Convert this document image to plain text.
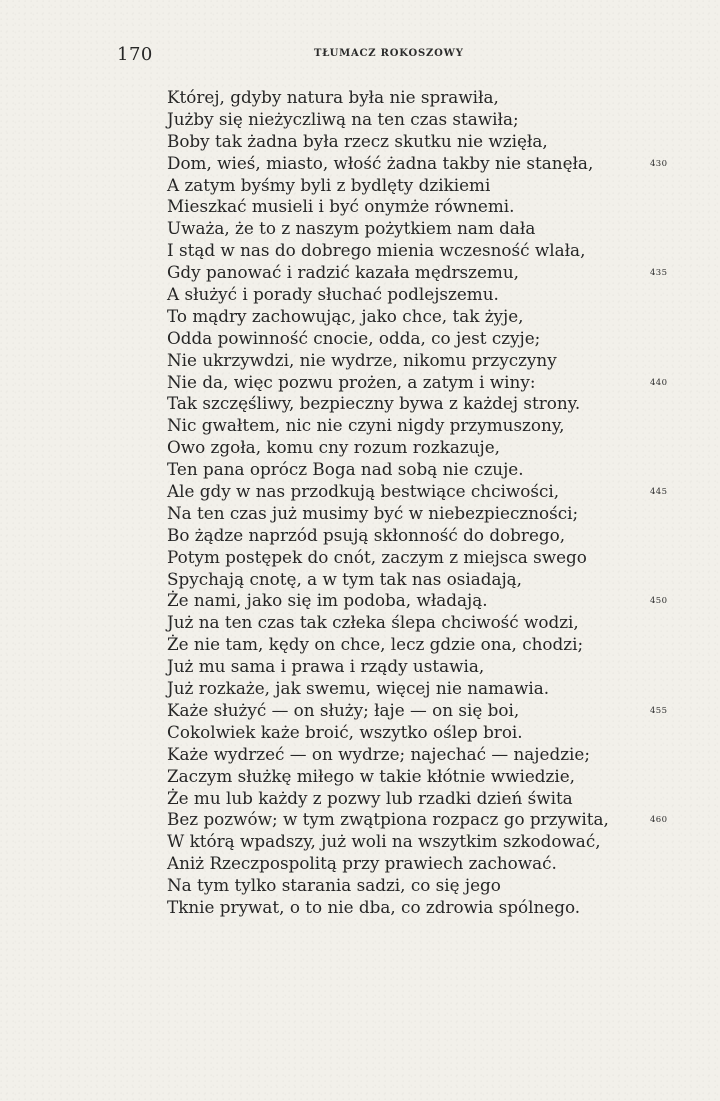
170	TŁUMACZ ROKOSZOWY
Której, gdyby natura była nie sprawiła,
Jużby się nieżyczliwą na ten czas stawiła;
Boby tak żadna była rzecz skutku nie wzięła,
Dom, wieś, miasto, włość żadna takby nie stanęła,	430
A zatym byśmy byli z bydlęty dzikiemi
Mieszkać musieli i być onymże równemi.
Uważa, że to z naszym pożytkiem nam dała
I stąd w nas do dobrego mienia wczesność wlała,
Gdy panować i radzić kazała mędrszemu,	435
A służyć i porady słuchać podlejszemu.
To mądry zachowując, jako chce, tak żyje,
Odda powinność cnocie, odda, co jest czyje;
Nie ukrzywdzi, nie wydrze, nikomu przyczyny
Nie da, więc pozwu prożen, a zatym i winy:	440
Tak szczęśliwy, bezpieczny bywa z każdej strony.
Nic gwałtem, nic nie czyni nigdy przymuszony,
Owo zgoła, komu cny rozum rozkazuje,
Ten pana oprócz Boga nad sobą nie czuje.
Ale gdy w nas przodkują bestwiące chciwości,	445
Na ten czas już musimy być w niebezpieczności;
Bo żądze naprzód psują skłonność do dobrego,
Potym postępek do cnót, zaczym z miejsca swego
Spychają cnotę, a w tym tak nas osiadają,
Że nami, jako się im podoba, władają.	450
Już na ten czas tak człeka ślepa chciwość wodzi,
Że nie tam, kędy on chce, lecz gdzie ona, chodzi;
Już mu sama i prawa i rządy ustawia,
Już rozkaże, jak swemu, więcej nie namawia.
Każe służyć — on służy; łaje — on się boi,	455
Cokolwiek każe broić, wszytko oślep broi.
Każe wydrzeć — on wydrze; najechać — najedzie;
Zaczym służkę miłego w takie kłótnie wwiedzie,
Że mu lub każdy z pozwy lub rzadki dzień świta
Bez pozwów; w tym zwątpiona rozpacz go przywita,	460
W którą wpadszy, już woli na wszytkim szkodować,
Aniż Rzeczpospolitą przy prawiech zachować.
Na tym tylko starania sadzi, co się jego
Tknie prywat, o to nie dba, co zdrowia spólnego.
